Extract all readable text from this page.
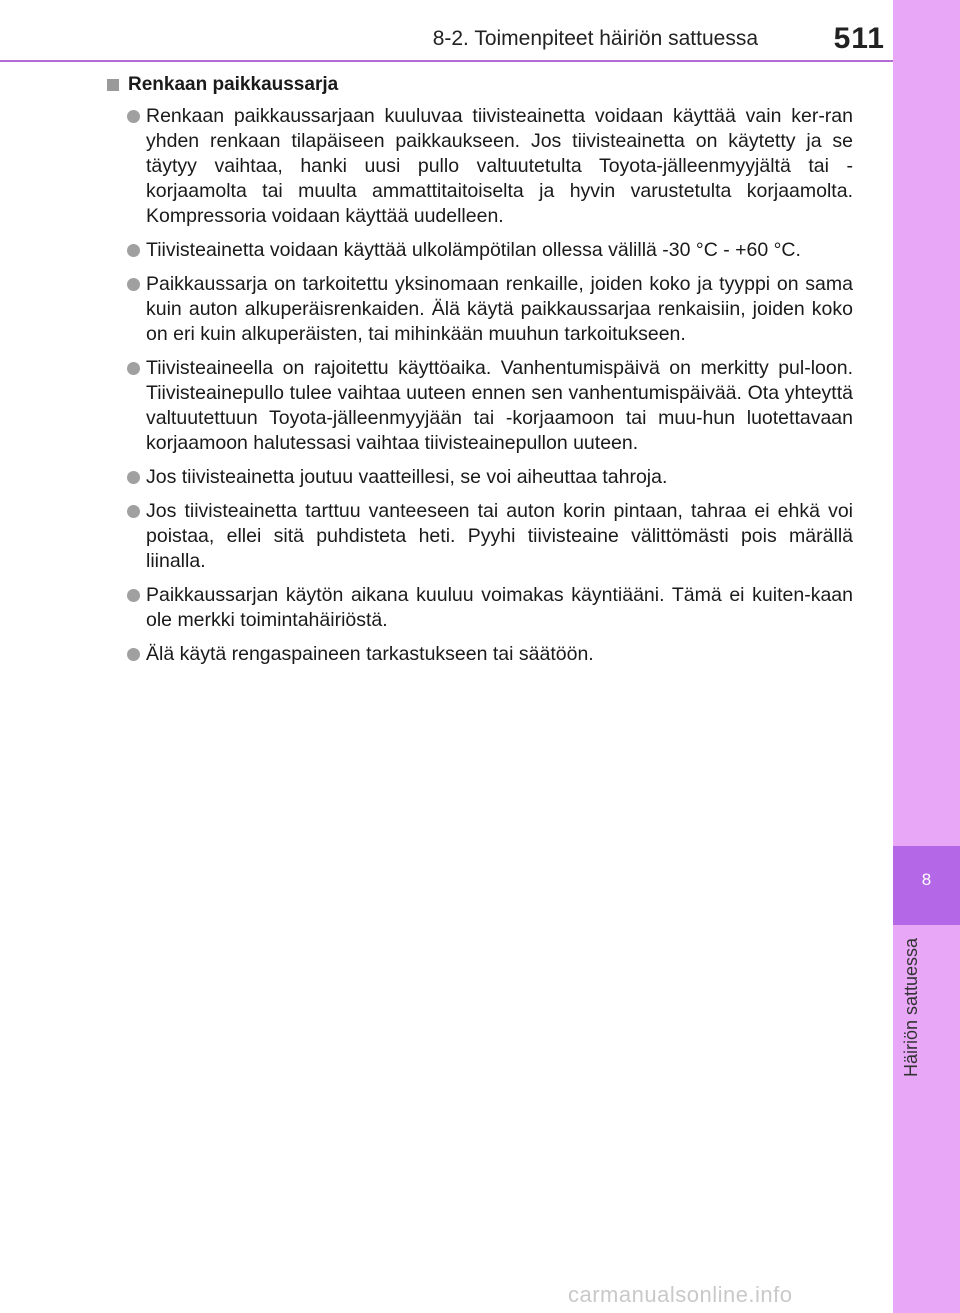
8-2. Toimenpiteet häiriön sattuessa	511
8
Häiriön sattuessa
Renkaan paikkaussarja
Renkaan paikkaussarjaan kuuluvaa tiivisteainetta voidaan käyttää vain ker-ran yhden renkaan tilapäiseen paikkaukseen. Jos tiivisteainetta on käytetty ja se täytyy vaihtaa, hanki uusi pullo valtuutetulta Toyota-jälleenmyyjältä tai -korjaamolta tai muulta ammattitaitoiselta ja hyvin varustetulta korjaamolta. Kompressoria voidaan käyttää uudelleen.
Tiivisteainetta voidaan käyttää ulkolämpötilan ollessa välillä -30 °C - +60 °C.
Paikkaussarja on tarkoitettu yksinomaan renkaille, joiden koko ja tyyppi on sama kuin auton alkuperäisrenkaiden. Älä käytä paikkaussarjaa renkaisiin, joiden koko on eri kuin alkuperäisten, tai mihinkään muuhun tarkoitukseen.
Tiivisteaineella on rajoitettu käyttöaika. Vanhentumispäivä on merkitty pul-loon. Tiivisteainepullo tulee vaihtaa uuteen ennen sen vanhentumispäivää. Ota yhteyttä valtuutettuun Toyota-jälleenmyyjään tai -korjaamoon tai muu-hun luotettavaan korjaamoon halutessasi vaihtaa tiivisteainepullon uuteen.
Jos tiivisteainetta joutuu vaatteillesi, se voi aiheuttaa tahroja.
Jos tiivisteainetta tarttuu vanteeseen tai auton korin pintaan, tahraa ei ehkä voi poistaa, ellei sitä puhdisteta heti. Pyyhi tiivisteaine välittömästi pois märällä liinalla.
Paikkaussarjan käytön aikana kuuluu voimakas käyntiääni. Tämä ei kuiten-kaan ole merkki toimintahäiriöstä.
Älä käytä rengaspaineen tarkastukseen tai säätöön.
carmanualsonline.info
